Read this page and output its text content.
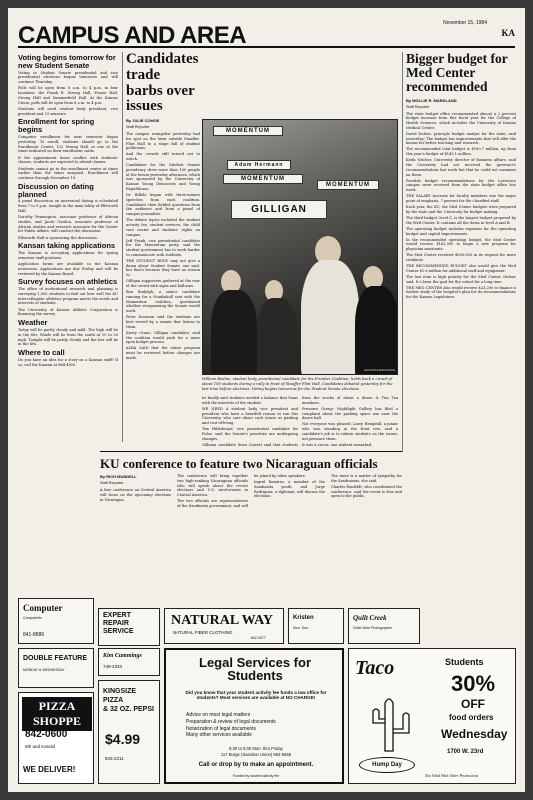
CAMPUS AND AREA	November 15, 1984
KA
Voting begins tomorrow for new Student Senate

Voting in Student Senate presidential and vice presidential elections begins tomorrow and will continue Thursday.

Polls will be open from 8 a.m. to 4 p.m. in four locations: the Frank R. Strong Hall, Fraser Hall, Strong Hall and Summerfield Hall. At the Kansas Union, polls will be open from 8 a.m. to 4 p.m.

Students will need student body president, vice president and 33 senators.

Enrollment for spring begins

Computer enrollment for next semester began yesterday. To enroll, students should go to the Enrollment Center, 122 Strong Hall, at one of the times indicated on their enrollment cards.

If the appointment times conflict with students' classes, students are expected to attend classes.

Students cannot go to the enrollment center at times earlier than the times assigned. Enrollment will continue through December 19.

Discussion on dating planned

A panel discussion on interracial dating is scheduled from 7 to 9 p.m. tonight in the main lobby of Ellsworth Hall.

Dorothy Pennington, associate professor of African studies, and Jacob Gordon, associate professor of African studies and research associate for the Center for Public Affairs, will conduct the discussion.

Ellsworth Hall is sponsoring the discussion.

Kansan taking applications

The Kansan is accepting applications for spring semester staff positions.

Application forms are available in the Kansan newsroom. Applications are due Friday and will be reviewed by the Kansas Board.

Survey focuses on athletics

The office of institutional research and planning is surveying 1,000 students to find out how well the KU intercollegiate athletics program meets the needs and interests of students.

The University of Kansas Athletic Corporation is financing the survey.

Weather

Today will be partly cloudy and mild. The high will be in the 60s. Winds will be from the south at 10 to 20 mph. Tonight will be partly cloudy and the low will be in the 40s.

Where to call

Do you have an idea for a story on a Kansan staff? If so, call the Kansan at 864-4810.

Candidates trade barbs over issues
By JULIE COHOE
Staff Reporter

The campus evangelist yesterday had his spot on the lawn outside Stauffer-Flint Hall to a stage full of student politicians.

And the crowds still turned out to watch.

Candidates for the Student Senate presidency drew more than 100 people at the forum yesterday afternoon, which was sponsored by the University of Kansas Young Democrats and Young Republicans.

Dr. Billelo began with three-minute speeches from each coalition. Candidates then fielded questions from the audience and from a panel of campus journalists.

The debate topics included the student activity fee, student services, the child care center and students' rights on campus.

Jeff Frank, vice presidential candidate for the Momentum party, said the student government has to work harder to communicate with students.

THE STUDENT BODY may not give a damn about Student Senate, one said, but that's because they have no reason to.

Gilligan supporters gathered at the rear of the crowd with signs and balloons.

Ben Rudolph, a senior candidate running for a Numbskull seat with the Momentum coalition, questioned whether reorganizing the Senate would work.

Peter Donovan said the students are best served by a senate that listens to them.

Kirsty Crane, Gilligan candidate, said the coalition would push for a more open budget process.

ALBA SAID that the entire program must be reviewed before changes are made.

MOMENTUM
Adam Hermann
MOMENTUM
GILLIGAN
MOMENTUM
Jeff ARTHUR/KANSAN
William Bodine, student body presidential candidate for the Frontier Coalition, holds back a crowd of about 100 students during a rally in front of Stauffer-Flint Hall. Candidates debated yesterday for the last time before elections. Voting begins tomorrow for the Student Senate elections.

he finally said students needed a balance that leans with the interests of the student.

WE NEED A student body vice president and president who have a heartfelt reason to run this University, who care about such issues as parking and cost-of-living.

Tim Hildebrand, vice presidential candidate for Pulse, said the Senate's priorities are undergoing changes.

Gilligan candidate Sean Carrett said that students

from the stocks of about a dozen & Tim Tea members.

Pressure Group: Nightlight Gallery has filed a complaint about the parking space use near the dance hall.

Not everyone was pleased. Larry Hemphill, a junior who was standing in the front row, said a candidate's job is to inform students on the issues, not pressure them.

It was a circus, one student remarked.

Bigger budget for Med Center recommended
By MOLLIE R. MARKLAND
Staff Reporter

The state budget office recommended almost a 2 percent budget increase from this fiscal year for the College of Health Sciences, which includes the University of Kansas Medical Center.

David Dufour, principle budget analyst for the state, said yesterday: The budget has improvements that will offer the means for better teaching and research.

The recommended total budget is $160.7 million, up from this year's budget of $143.1 million.

Keith Nitcher, University director of business affairs, said the University had not received the governor's recommendations last week but that he could not comment on them.

Possible budget recommendations for the Lawrence campus were received from the state budget office last week.

THE SALARY increase for faculty members was the major point of emphasis, 7 percent for the classified staff.

Each year, the KU, the Med Center budgets were prepared by the state and the University for budget making.

The third budget, level C, is the largest budget proposed by the Med Center. It contains all the items in level A and B.

The operating budget includes expenses for the operating budget and capital improvements.

In the recommended operating budget, the Med Center would receive $162,000 to begin a new program for physician assistants.

The Med Center received $500,000 in its request for more residents.

THE RECOMMENDED BUDGET also would give the Med Center $1.6 million for additional staff and equipment.

The last item is high priority for the Med Center, Dufour said. It's been the goal for the school for a long time.

THE MED CENTER also would receive $23,200 to finance a further study of the hospital's plan for its recommendations for the Kansas Legislature.

KU conference to feature two Nicaraguan officials
By RICH MUNDELL
Staff Reporter

A free conference on Central America will focus on the upcoming elections in Nicaragua.

The conference will bring together two high-ranking Nicaraguan officials who will speak about the recent elections and U.S. involvement in Central America.

The two officials are representatives of the Sandinista government, and will be joined by other speakers.

Ingrid Ramirez, a member of the Sandinista youth, and Jorge Rodriguez, a diplomat, will discuss the elections.

The issue is a matter of sympathy for the Sandinistas, she said.

Charles Ronfeldt, who coordinated the conference, said the event is free and open to the public.

Computer
Computerfix
841-8886
DOUBLE FEATURE
MONDAY & WEDNESDAY
PIZZA SHOPPE
842-0600
6th and Kasold
WE DELIVER!
EXPERT
REPAIR
SERVICE
Kim Cummings
749-4333
KINGSIZE
PIZZA
& 32 OZ. PEPSI
$4.99
843-2211
NATURAL WAY
NATURAL FIBER CLOTHING
842-3077
Legal Services for Students
Did you know that your student activity fee funds a law office for students? Most services are available at NO CHARGE!
Advice on most legal matters
Preparation & review of legal documents
Notarization of legal documents
Many other services available
8:30 to 5:00 Mon. thru Friday
117 Burge (Sanction Union) 864-5665
Call or drop by to make an appointment.
Funded by student activity fee
Kristen
Mon. Sun.
Quilt Creek
Order Now Photographer
Taco	Students
30%
OFF
food orders
Wednesday
Hump Day
1700 W. 23rd
Not Valid With Other Promotions
